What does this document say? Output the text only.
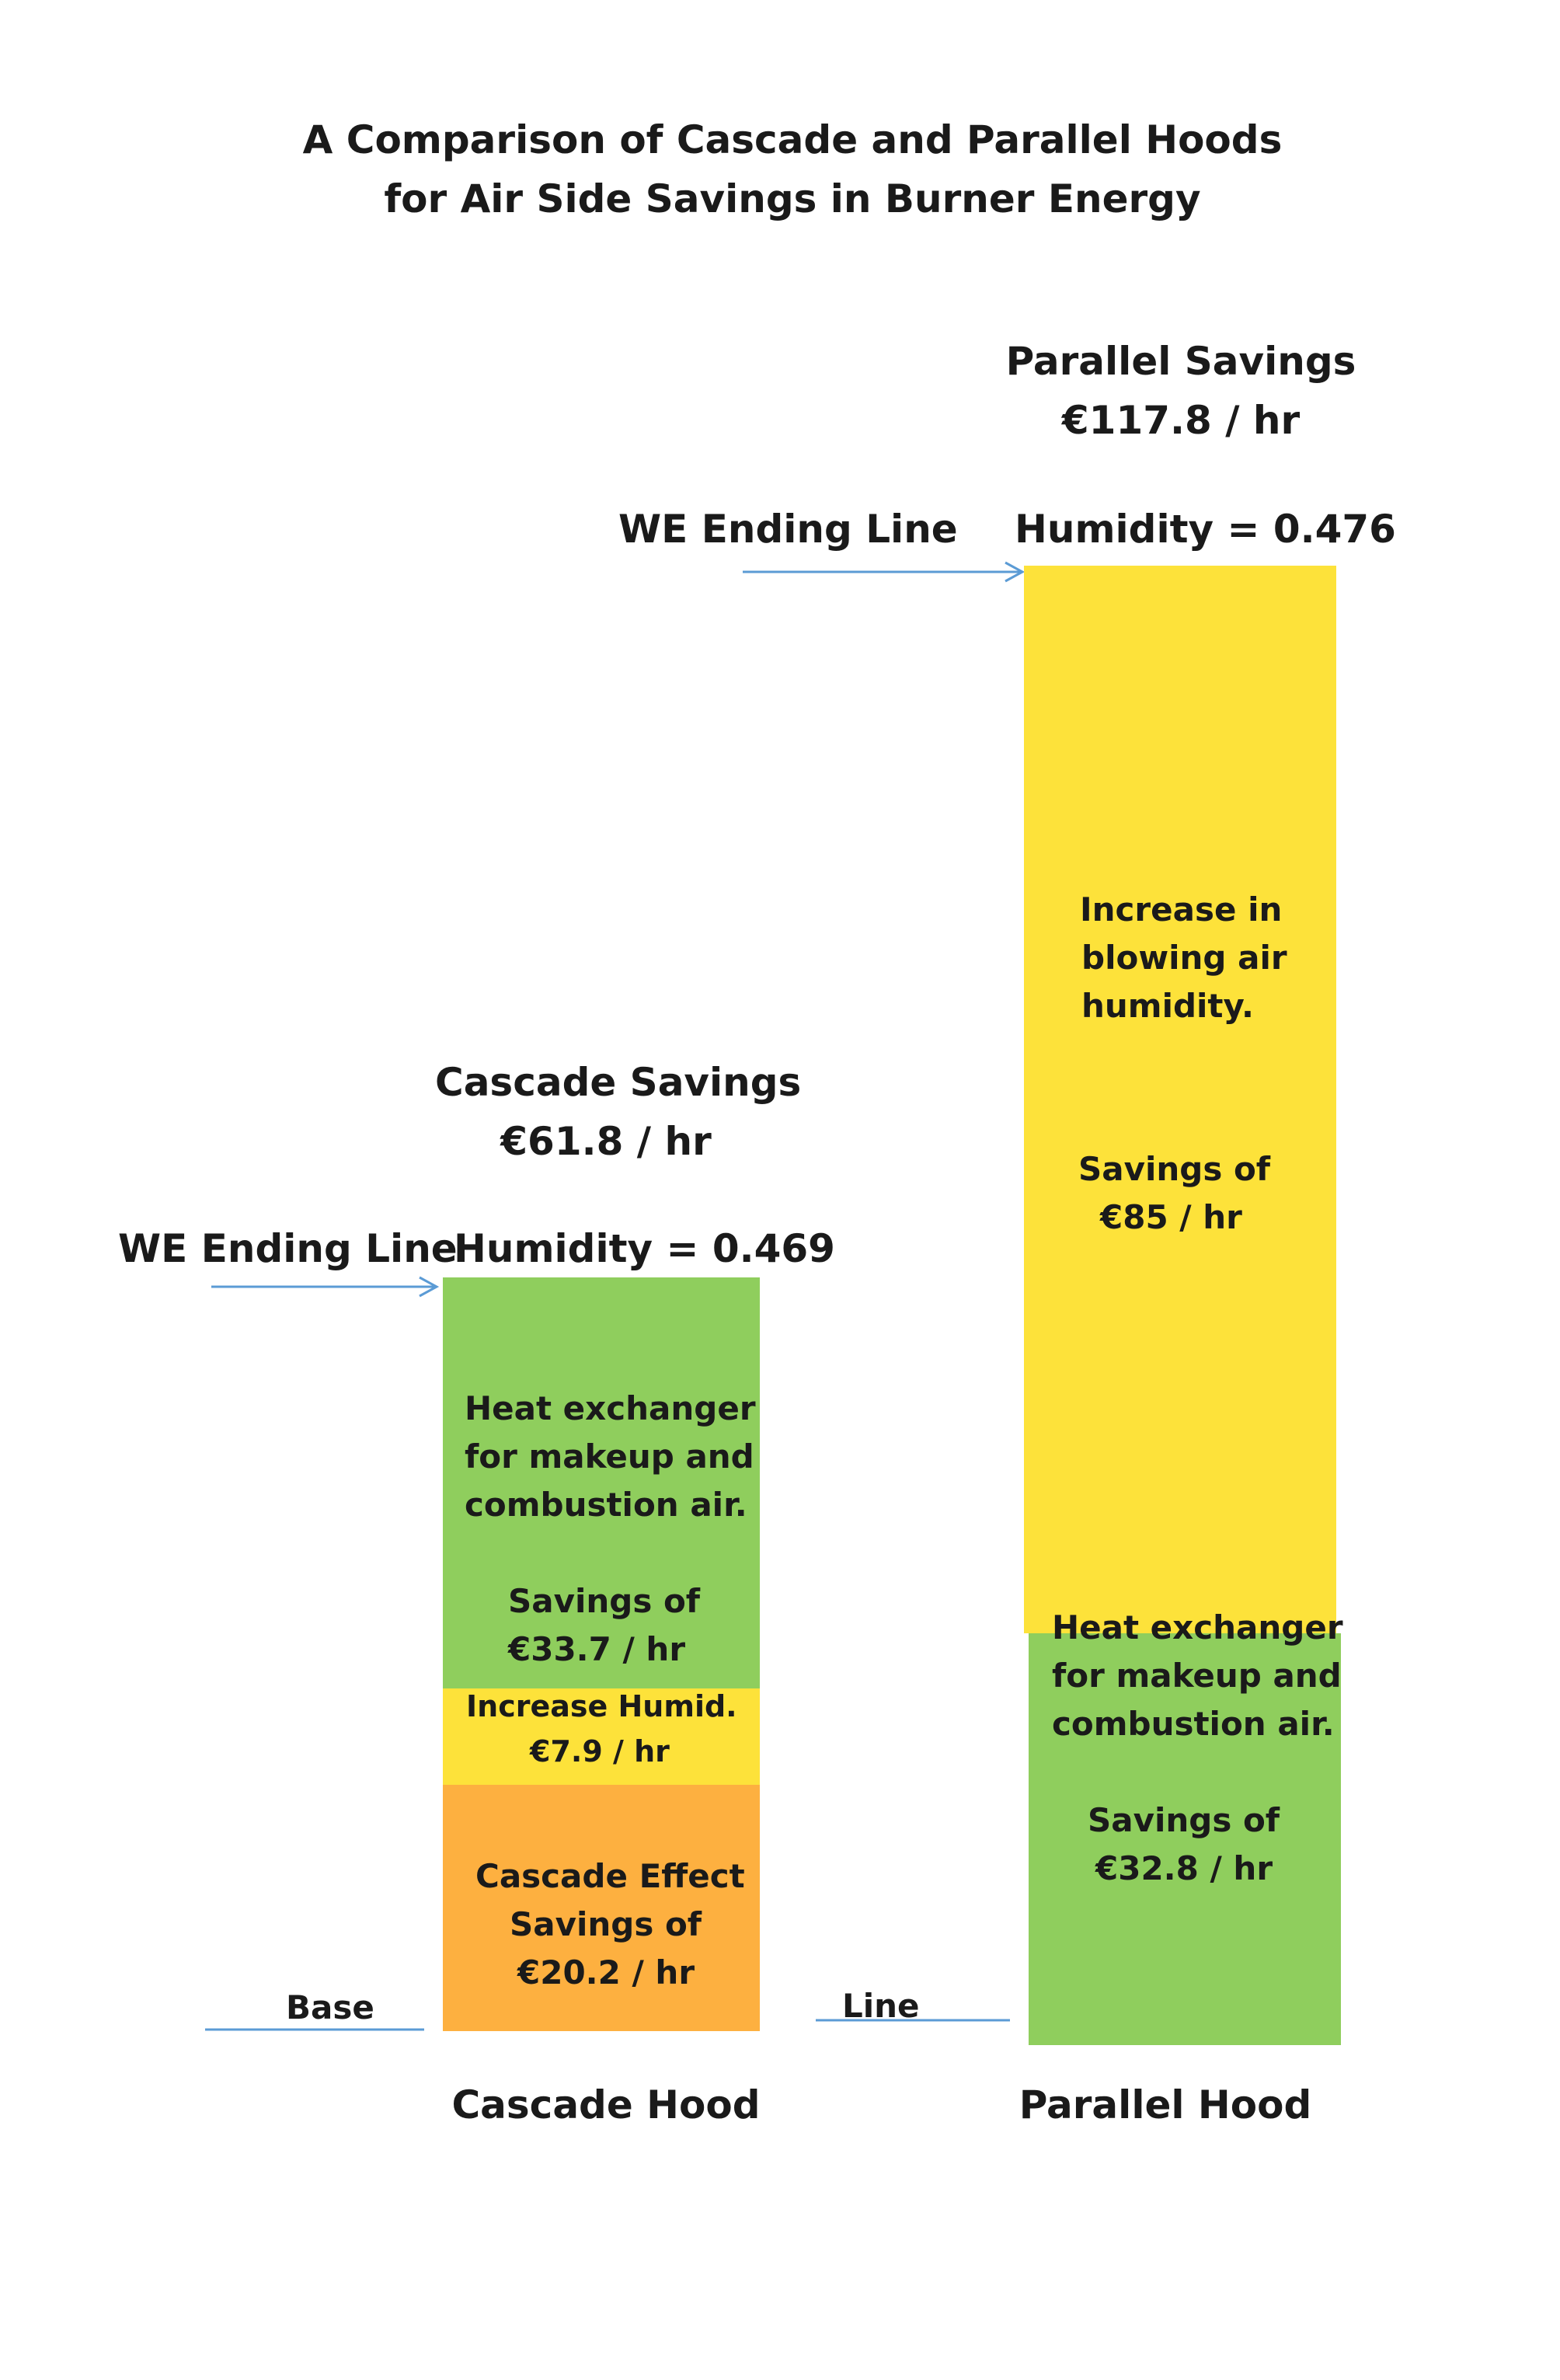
A Comparison of Cascade and Parallel Hoods
for Air Side Savings in Burner Energy
Parallel Savings
€117.8 / hr
WE Ending Line Humidity = 0.476
Cascade Savings
€61.8 / hr
WE Ending Line
Humidity = 0.469
Cascade Effect
Savings of
€20.2 / hr
Increase Humid.
€7.9 / hr
Heat exchanger
for makeup and
combustion air.
Savings of
€33.7 / hr
Heat exchanger
for makeup and
combustion air.
Savings of
€32.8 / hr
Increase in
blowing air
humidity.
Savings of
€85 / hr
Base	Line
Cascade Hood	Parallel Hood
